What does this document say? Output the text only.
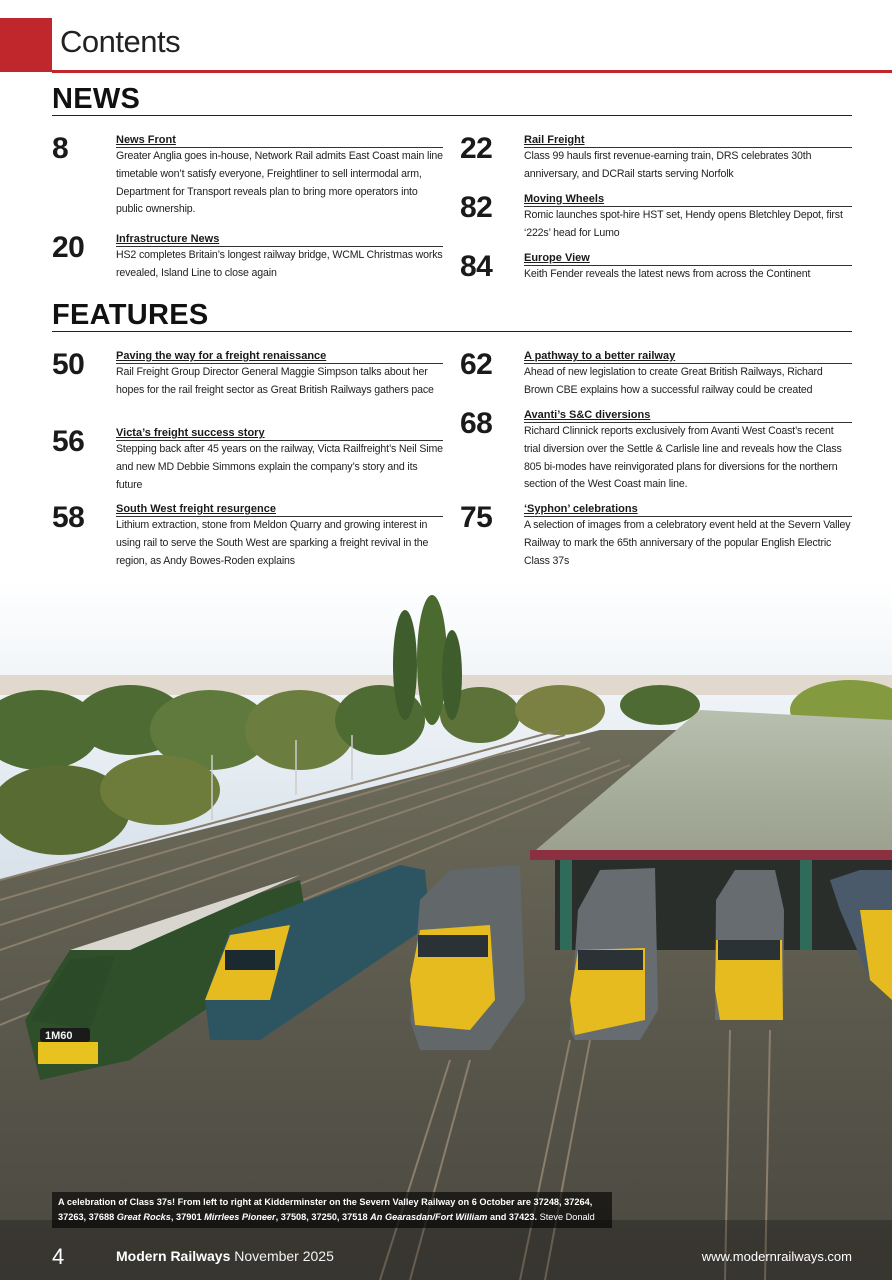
Contents
NEWS
8	News Front
Greater Anglia goes in-house, Network Rail admits East Coast main line timetable won’t satisfy everyone, Freightliner to sell intermodal arm, Department for Transport reveals plan to bring more operators into public ownership.
20	Infrastructure News
HS2 completes Britain’s longest railway bridge, WCML Christmas works revealed, Island Line to close again
22	Rail Freight
Class 99 hauls first revenue-earning train, DRS celebrates 30th anniversary, and DCRail starts serving Norfolk
82	Moving Wheels
Romic launches spot-hire HST set, Hendy opens Bletchley Depot, first ‘222s’ head for Lumo
84	Europe View
Keith Fender reveals the latest news from across the Continent
FEATURES
50	Paving the way for a freight renaissance
Rail Freight Group Director General Maggie Simpson talks about her hopes for the rail freight sector as Great British Railways gathers pace
56	Victa’s freight success story
Stepping back after 45 years on the railway, Victa Railfreight’s Neil Sime and new MD Debbie Simmons explain the company’s story and its future
58	South West freight resurgence
Lithium extraction, stone from Meldon Quarry and growing interest in using rail to serve the South West are sparking a freight revival in the region, as Andy Bowes-Roden explains
62	A pathway to a better railway
Ahead of new legislation to create Great British Railways, Richard Brown CBE explains how a successful railway could be created
68	Avanti’s S&C diversions
Richard Clinnick reports exclusively from Avanti West Coast’s recent trial diversion over the Settle & Carlisle line and reveals how the Class 805 bi-modes have reinvigorated plans for diversions for the northern section of the West Coast main line.
75	‘Syphon’ celebrations
A selection of images from a celebratory event held at the Severn Valley Railway to mark the 65th anniversary of the popular English Electric Class 37s
1M60
A celebration of Class 37s! From left to right at Kidderminster on the Severn Valley Railway on 6 October are 37248, 37264, 37263, 37688 Great Rocks, 37901 Mirrlees Pioneer, 37508, 37250, 37518 An Gearasdan/Fort William and 37423. Steve Donald
4	Modern Railways November 2025	www.modernrailways.com
